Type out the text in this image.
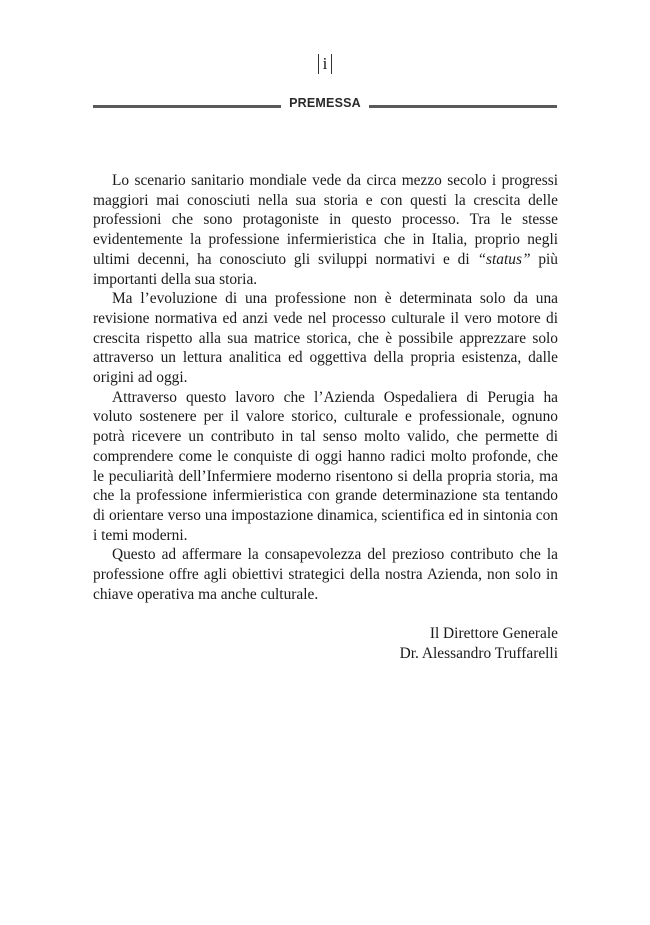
i
PREMESSA

Lo scenario sanitario mondiale vede da circa mezzo secolo i progressi maggiori mai conosciuti nella sua storia e con questi la crescita delle professioni che sono protagoniste in questo processo. Tra le stesse evidentemente la professione infermieristica che in Italia, proprio negli ultimi decenni, ha conosciuto gli sviluppi normativi e di “status” più importanti della sua storia.

Ma l’evoluzione di una professione non è determinata solo da una revisione normativa ed anzi vede nel processo culturale il vero motore di crescita rispetto alla sua matrice storica, che è possibile apprezzare solo attraverso un lettura analitica ed oggettiva della propria esistenza, dalle origini ad oggi.

Attraverso questo lavoro che l’Azienda Ospedaliera di Perugia ha voluto sostenere per il valore storico, culturale e professionale, ognuno potrà ricevere un contributo in tal senso molto valido, che permette di comprendere come le conquiste di oggi hanno radici molto profonde, che le peculiarità dell’Infermiere moderno risentono si della propria storia, ma che la professione infermieristica con grande determinazione sta tentando di orientare verso una impostazione dinamica, scientifica ed in sintonia con i temi moderni.

Questo ad affermare la consapevolezza del prezioso contributo che la professione offre agli obiettivi strategici della nostra Azienda, non solo in chiave operativa ma anche culturale.

Il Direttore Generale
Dr. Alessandro Truffarelli
